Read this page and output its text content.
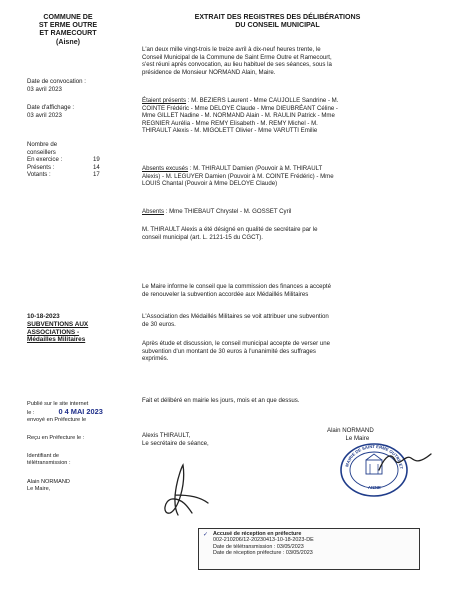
COMMUNE DE
ST ERME OUTRE
ET RAMECOURT
(Aisne)
EXTRAIT DES REGISTRES DES DÉLIBÉRATIONS
DU CONSEIL MUNICIPAL
Date de convocation :
03 avril 2023
Date d'affichage :
03 avril 2023
Nombre de
conseillers
En exercice :	19
Présents :	14
Votants :	17
L'an deux mille vingt-trois le treize avril à dix-neuf heures trente, le
Conseil Municipal de la Commune de Saint Erme Outre et Ramecourt,
s'est réuni après convocation, au lieu habituel de ses séances, sous la
présidence de Monsieur NORMAND Alain, Maire.
Étaient présents : M. BEZIERS Laurent - Mme CAUJOLLE Sandrine - M.
COINTE Frédéric - Mme DELOYE Claude - Mme DIEUBRÉANT Céline -
Mme GILLET Nadine - M. NORMAND Alain - M. RAULIN Patrick - Mme
REGNIER Aurélia - Mme REMY Elisabeth - M. REMY Michel - M.
THIRAULT Alexis - M. MIGOLETT Olivier - Mme VARUTTI Emilie
Absents excusés : M. THIRAULT Damien (Pouvoir à M. THIRAULT
Alexis) - M. LEGUYER Damien (Pouvoir à M. COINTE Frédéric) - Mme
LOUIS Chantal (Pouvoir à Mme DELOYE Claude)
Absents : Mme THIEBAUT Chrystel - M. GOSSET Cyril
M. THIRAULT Alexis a été désigné en qualité de secrétaire par le
conseil municipal (art. L. 2121-15 du CGCT).
10-18-2023
SUBVENTIONS AUX
ASSOCIATIONS -
Médailles Militaires
Le Maire informe le conseil que la commission des finances a accepté
de renouveler la subvention accordée aux Médaillés Militaires
L'Association des Médaillés Militaires se voit attribuer une subvention
de 30 euros.
Après étude et discussion, le conseil municipal accepte de verser une
subvention d'un montant de 30 euros à l'unanimité des suffrages
exprimés.
Fait et délibéré en mairie les jours, mois et an que dessus.
Publié sur le site internet
le :	0 4 MAI 2023
envoyé en Préfecture le
Reçu en Préfecture le :
Identifiant de
télétransmission :
Alain NORMAND
Le Maire,
Alexis THIRAULT,
Le secrétaire de séance,
Alain NORMAND
Le Maire
MAIRIE DE SAINT ERME OUTRE ET
AISNE
✓ Accusé de réception en préfecture
002-210206/12-20230413-10-18-2023-DE
Date de télétransmission : 03/05/2023
Date de réception préfecture : 03/05/2023
